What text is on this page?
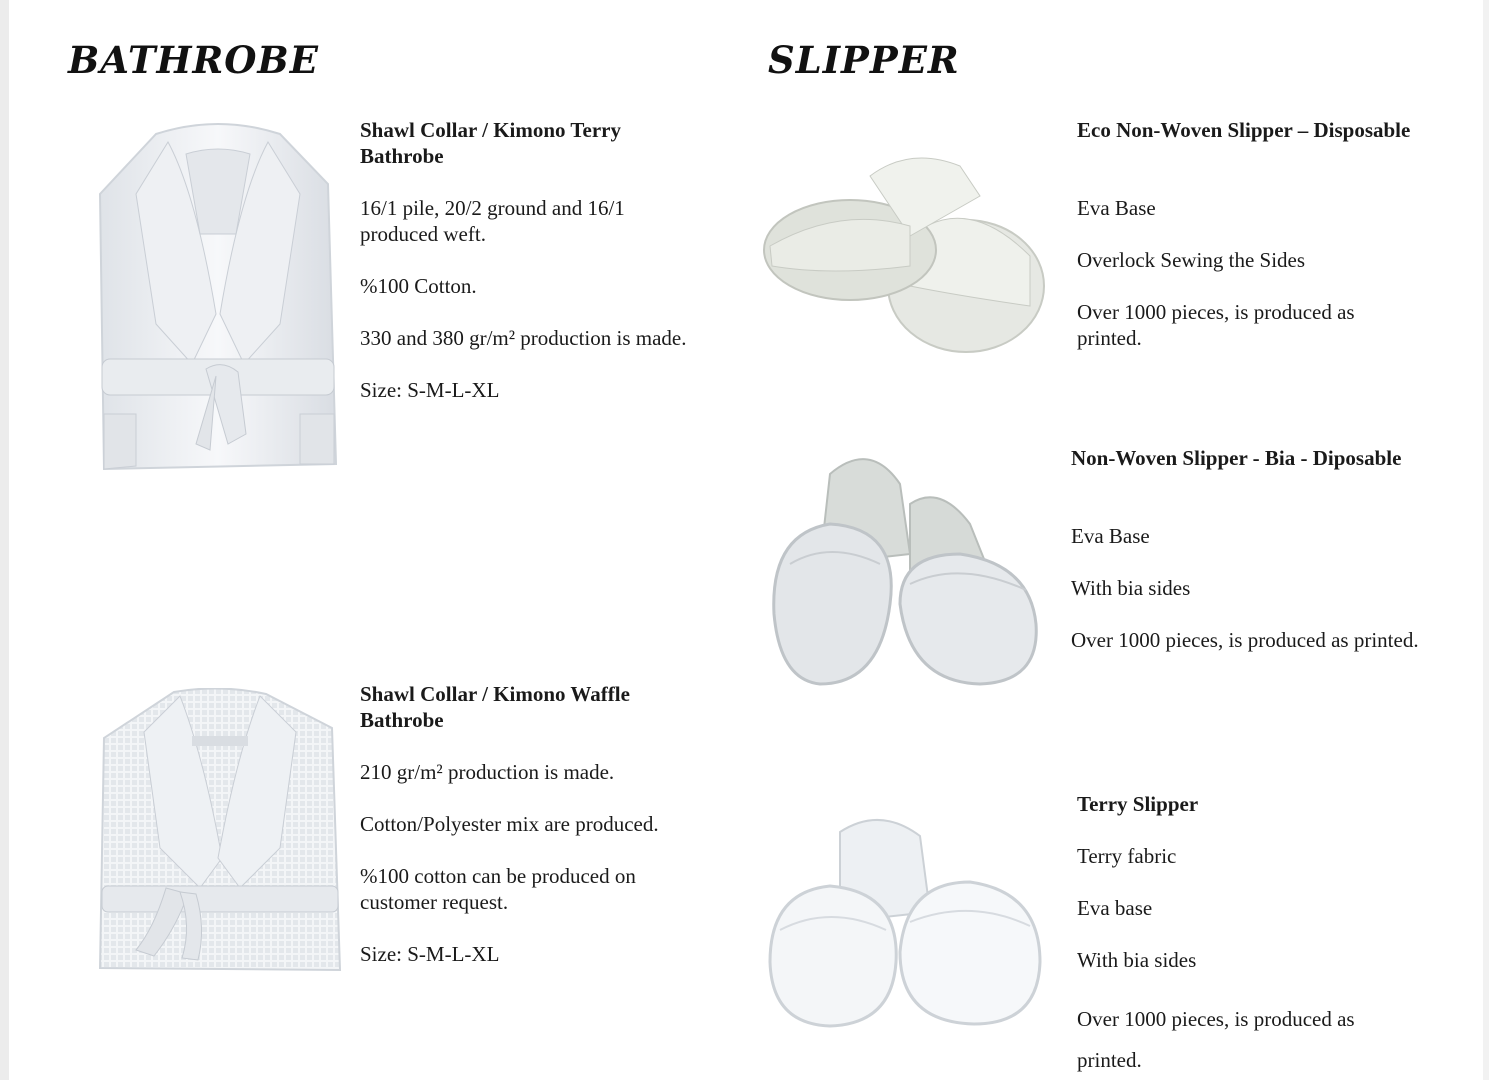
BATHROBE	SLIPPER

Shawl Collar / Kimono Terry Bathrobe

16/1 pile, 20/2 ground and 16/1 produced weft.

%100 Cotton.

330 and 380 gr/m² production is made.

Size: S-M-L-XL

Shawl Collar / Kimono Waffle Bathrobe

210 gr/m² production is made.

Cotton/Polyester mix are produced.

%100 cotton can be produced on customer request.

Size: S-M-L-XL

Eco Non-Woven Slipper – Disposable

Eva Base

Overlock Sewing the Sides

Over 1000 pieces, is produced as printed.

Non-Woven Slipper - Bia - Diposable

Eva Base

With bia sides

Over 1000 pieces, is produced as printed.

Terry Slipper

Terry fabric

Eva base

With bia sides

Over 1000 pieces, is produced as printed.
